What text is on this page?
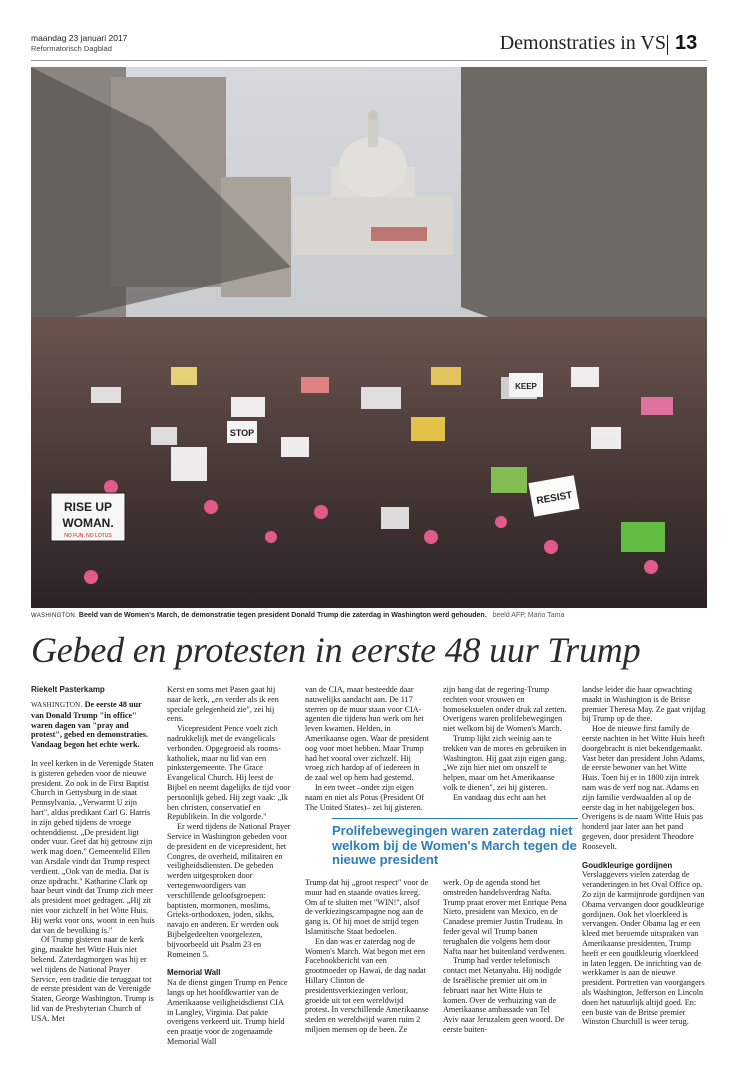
maandag 23 januari 2017
Reformatorisch Dagblad	Demonstraties in VS 13
RISE UP
WOMAN.
NO FUN, NO LOTUS
RESIST
STOP
KEEP
WASHINGTON. Beeld van de Women's March, de demonstratie tegen president Donald Trump die zaterdag in Washington werd gehouden. beeld AFP, Mario Tama
Gebed en protesten in eerste 48 uur Trump
Riekelt Pasterkamp

WASHINGTON. De eerste 48 uur van Donald Trump "in office" waren dagen van "pray and protest", gebed en demonstraties. Vandaag begon het echte werk.

In veel kerken in de Verenigde Staten is gisteren gebeden voor de nieuwe president. Zo ook in de First Baptist Church in Gettysburg in de staat Pennsylvania. „Verwarmt U zijn hart", aldus predikant Carl G. Harris in zijn gebed tijdens de vroege ochtenddienst. „De president ligt onder vuur. Geef dat hij getrouw zijn werk mag doen." Gemeentelid Ellen van Arsdale vindt dat Trump respect verdient. „Ook van de media. Dat is onze opdracht." Katharine Clark op haar beurt vindt dat Trump zich meer als president moet gedragen. „Hij zit niet voor zichzelf in het Witte Huis. Hij werkt voor ons, woont in een huis dat van de bevolking is."

Of Trump gisteren naar de kerk ging, maakte het Witte Huis niet bekend. Zaterdagmorgen was hij er wel tijdens de National Prayer Service, een traditie die teruggaat tot de eerste president van de Verenigde Staten, George Washington. Trump is lid van de Presbyterian Church of USA. Met

Kerst en soms met Pasen gaat hij naar de kerk, „en verder als ik een speciale gelegenheid zie", zei hij eens.

Vicepresident Pence voelt zich nadrukkelijk met de evangelicals verbonden. Opgegroeid als rooms-katholiek, maar nu lid van een pinkstergemeente. The Grace Evangelical Church. Hij leest de Bijbel en neemt dagelijks de tijd voor persoonlijk gebed. Hij zegt vaak: „Ik ben christen, conservatief en Republikein. In die volgorde."

Er werd tijdens de National Prayer Service in Washington gebeden voor de president en de vicepresident, het Congres, de overheid, militairen en veiligheidsdiensten. De gebeden werden uitgesproken door vertegenwoordigers van verschillende geloofsgroepen: baptisten, mormonen, moslims, Grieks-orthodoxen, joden, sikhs, navajo en anderen. Er werden ook Bijbelgedeelten voorgelezen, bijvoorbeeld uit Psalm 23 en Romeinen 5.

Memorial Wall

Na de dienst gingen Trump en Pence langs op het hoofdkwartier van de Amerikaanse veiligheidsdienst CIA in Langley, Virginia. Dat pakte overigens verkeerd uit. Trump hield een praatje voor de zogenaamde Memorial Wall

van de CIA, maar besteedde daar nauwelijks aandacht aan. De 117 sterren op de muur staan voor CIA-agenten die tijdens hun werk om het leven kwamen. Helden, in Amerikaanse ogen. Waar de president oog voor moet hebben. Maar Trump had het vooral over zichzelf. Hij vroeg zich hardop af of iedereen in de zaal wel op hem had gestemd.

In een tweet –onder zijn eigen naam en niet als Potus (President Of The United States)– zei hij gisteren.

zijn bang dat de regering-Trump rechten voor vrouwen en homoseksuelen onder druk zal zetten. Overigens waren prolifebewegingen niet welkom bij de Women's March.

Trump lijkt zich weinig aan te trekken van de mores en gebruiken in Washington. Hij gaat zijn eigen gang. „We zijn hier niet om onszelf te helpen, maar om het Amerikaanse volk te dienen", zei hij gisteren.

En vandaag dus echt aan het

Prolifebewegingen waren zaterdag niet welkom bij de Women's March tegen de nieuwe president

Trump dat hij „groot respect" voor de muur had en staande ovaties kreeg. Om af te sluiten met "WIN!", alsof de verkiezingscampagne nog aan de gang is. Of hij moet de strijd tegen Islamitische Staat bedoelen.

En dan was er zaterdag nog de Women's March. Wat begon met een Facebookbericht van een grootmoeder op Hawaï, de dag nadat Hillary Clinton de presidentsverkiezingen verloor, groeide uit tot een wereldwijd protest. In verschillende Amerikaanse steden en wereldwijd waren ruim 2 miljoen mensen op de been. Ze

werk. Op de agenda stond het omstreden handelsverdrag Nafta. Trump praat erover met Enrique Pena Nieto, president van Mexico, en de Canadese premier Justin Trudeau. In feder geval wil Trump banen terughalen die volgens hem door Nafta naar het buitenland verdwenen.

Trump had verder telefonisch contact met Netanyahu. Hij nodigde de Israëlische premier uit om in februari naar het Witte Huis te komen. Over de verhuizing van de Amerikaanse ambassade van Tel Aviv naar Jeruzalem geen woord. De eerste buiten-

landse leider die haar opwachting maakt in Washington is de Britse premier Theresa May. Ze gaat vrijdag bij Trump op de thee.

Hoe de nieuwe first family de eerste nachten in het Witte Huis heeft doorgebracht is niet bekendgemaakt. Vast beter dan president John Adams, de eerste bewoner van het Witte Huis. Toen hij er in 1800 zijn intrek nam was de verf nog nat. Adams en zijn familie verdwaalden al op de eerste dag in het nabijgelegen bos. Overigens is de naam Witte Huis pas honderd jaar later aan het pand gegeven, door president Theodore Roosevelt.

Goudkleurige gordijnen

Verslaggevers vielen zaterdag de veranderingen in het Oval Office op. Zo zijn de karmijnrode gordijnen van Obama vervangen door goudkleurige gordijnen. Ook het vloerkleed is vervangen. Onder Obama lag er een kleed met beroemde uitspraken van Amerikaanse presidenten, Trump heeft er een goudkleurig vloerkleed in laten leggen. De inrichting van de werkkamer is aan de nieuwe president. Portretten van voorgangers als Washington, Jefferson en Lincoln doen het natuurlijk altijd goed. En: een buste van de Britse premier Winston Churchill is weer terug.
